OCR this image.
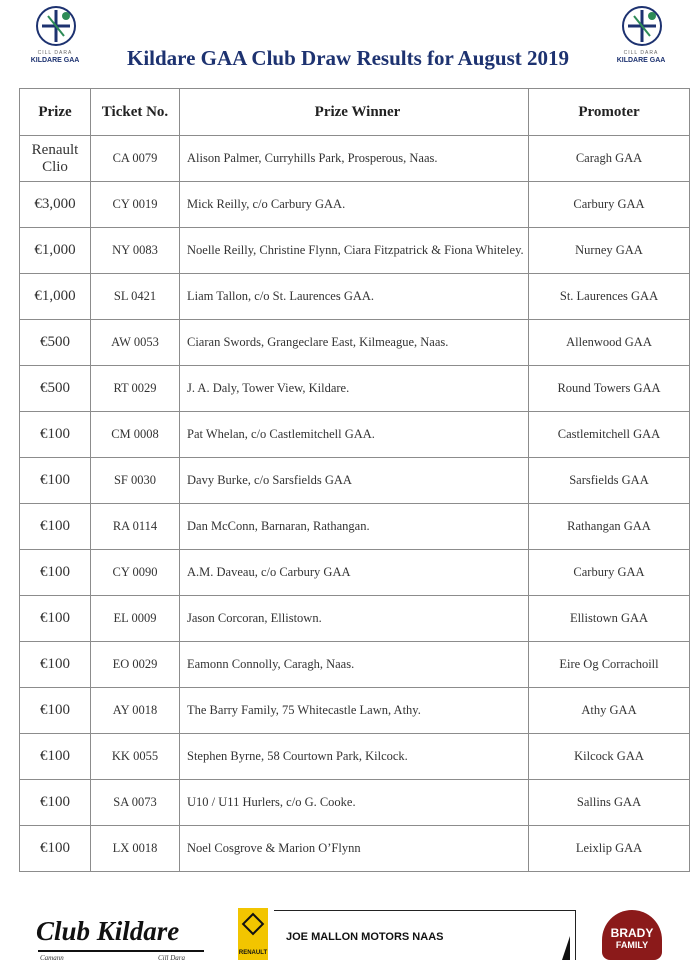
CILL DARA
KILDARE GAA	Kildare GAA Club Draw Results for August 2019	CILL DARA
KILDARE GAA
Prize	Ticket No.	Prize Winner	Promoter
Renault Clio	CA 0079	Alison Palmer, Curryhills Park, Prosperous, Naas.	Caragh GAA
€3,000	CY 0019	Mick Reilly, c/o Carbury GAA.	Carbury GAA
€1,000	NY 0083	Noelle Reilly, Christine Flynn, Ciara Fitzpatrick & Fiona Whiteley.	Nurney GAA
€1,000	SL 0421	Liam Tallon, c/o St. Laurences GAA.	St. Laurences GAA
€500	AW 0053	Ciaran Swords, Grangeclare East, Kilmeague, Naas.	Allenwood GAA
€500	RT 0029	J. A. Daly, Tower View, Kildare.	Round Towers GAA
€100	CM 0008	Pat Whelan, c/o Castlemitchell GAA.	Castlemitchell GAA
€100	SF 0030	Davy Burke, c/o Sarsfields GAA	Sarsfields GAA
€100	RA 0114	Dan McConn, Barnaran, Rathangan.	Rathangan GAA
€100	CY 0090	A.M. Daveau, c/o Carbury GAA	Carbury GAA
€100	EL 0009	Jason Corcoran, Ellistown.	Ellistown GAA
€100	EO 0029	Eamonn Connolly, Caragh, Naas.	Eire Og Corrachoill
€100	AY 0018	The Barry Family, 75 Whitecastle Lawn, Athy.	Athy GAA
€100	KK 0055	Stephen Byrne, 58 Courtown Park, Kilcock.	Kilcock GAA
€100	SA 0073	U10 / U11 Hurlers, c/o G. Cooke.	Sallins GAA
€100	LX 0018	Noel Cosgrove & Marion O’Flynn	Leixlip GAA
Club Kildare
Camann	Cill Dara
RENAULT
JOE MALLON MOTORS NAAS	BRADY
FAMILY
